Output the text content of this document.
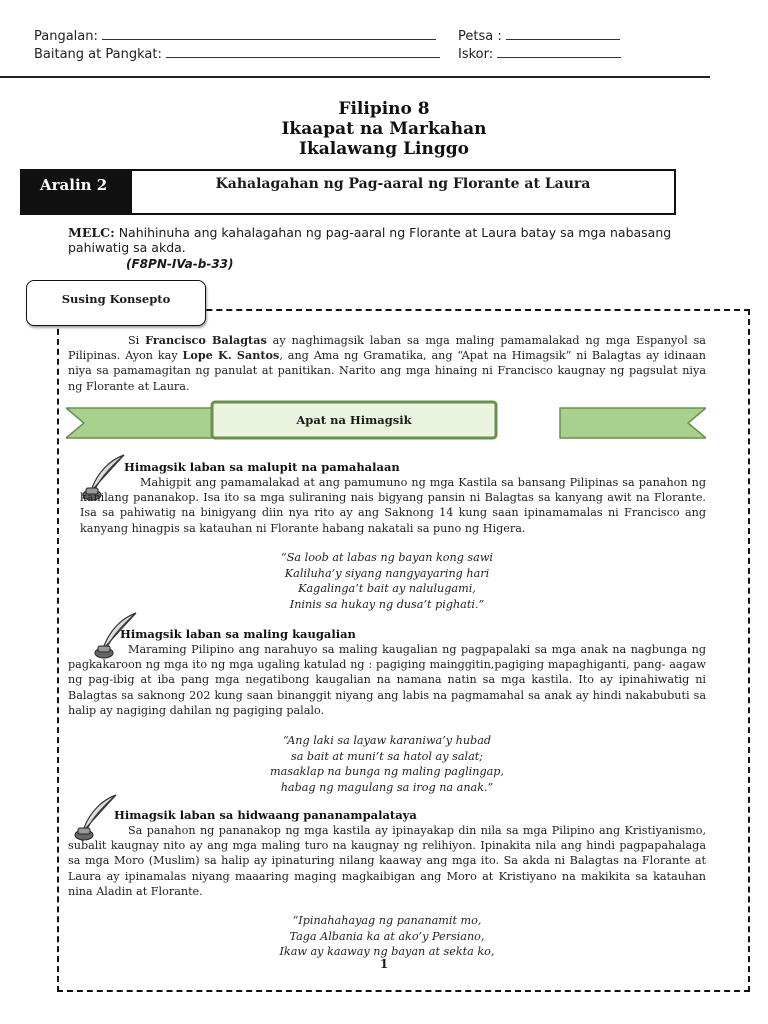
Pangalan:	Petsa :
Baitang at Pangkat:	Iskor:
Filipino 8
Ikaapat na Markahan
Ikalawang Linggo
Aralin 2	Kahalagahan ng Pag-aaral ng Florante at Laura
MELC: Nahihinuha ang kahalagahan ng pag-aaral ng Florante at Laura batay sa mga nabasang pahiwatig sa akda.
(F8PN-IVa-b-33)
Susing Konsepto
Si Francisco Balagtas ay naghimagsik laban sa mga maling pamamalakad ng mga Espanyol sa Pilipinas. Ayon kay Lope K. Santos, ang Ama ng Gramatika, ang “Apat na Himagsik” ni Balagtas ay idinaan niya sa pamamagitan ng panulat at panitikan. Narito ang mga hinaing ni Francisco kaugnay ng pagsulat niya ng Florante at Laura.
Apat na Himagsik
Himagsik laban sa malupit na pamahalaan
Mahigpit ang pamamalakad at ang pamumuno ng mga Kastila sa bansang Pilipinas sa panahon ng kanilang pananakop. Isa ito sa mga suliraning nais bigyang pansin ni Balagtas sa kanyang awit na Florante. Isa sa pahiwatig na binigyang diin nya rito ay ang Saknong 14 kung saan ipinamamalas ni Francisco ang kanyang hinagpis sa katauhan ni Florante habang nakatali sa puno ng Higera.
“Sa loob at labas ng bayan kong sawi
Kaliluha’y siyang nangyayaring hari
Kagalinga’t bait ay nalulugami,
Ininis sa hukay ng dusa’t pighati.”
Himagsik laban sa maling kaugalian
Maraming Pilipino ang narahuyo sa maling kaugalian ng pagpapalaki sa mga anak na nagbunga ng pagkakaroon ng mga ito ng mga ugaling katulad ng : pagiging mainggitin,pagiging mapaghiganti, pang- aagaw ng pag-ibig at iba pang mga negatibong kaugalian na namana natin sa mga kastila. Ito ay ipinahiwatig ni Balagtas sa saknong 202 kung saan binanggit niyang ang labis na pagmamahal sa anak ay hindi nakabubuti sa halip ay nagiging dahilan ng pagiging palalo.
“Ang laki sa layaw karaniwa’y hubad
sa bait at muni’t sa hatol ay salat;
masaklap na bunga ng maling paglingap,
habag ng magulang sa irog na anak.”
Himagsik laban sa hidwaang pananampalataya
Sa panahon ng pananakop ng mga kastila ay ipinayakap din nila sa mga Pilipino ang Kristiyanismo, subalit kaugnay nito ay ang mga maling turo na kaugnay ng relihiyon. Ipinakita nila ang hindi pagpapahalaga sa mga Moro (Muslim) sa halip ay ipinaturing nilang kaaway ang mga ito. Sa akda ni Balagtas na Florante at Laura ay ipinamalas niyang maaaring maging magkaibigan ang Moro at Kristiyano na makikita sa katauhan nina Aladin at Florante.
“Ipinahahayag ng pananamit mo,
Taga Albania ka at ako’y Persiano,
Ikaw ay kaaway ng bayan at sekta ko,
1
